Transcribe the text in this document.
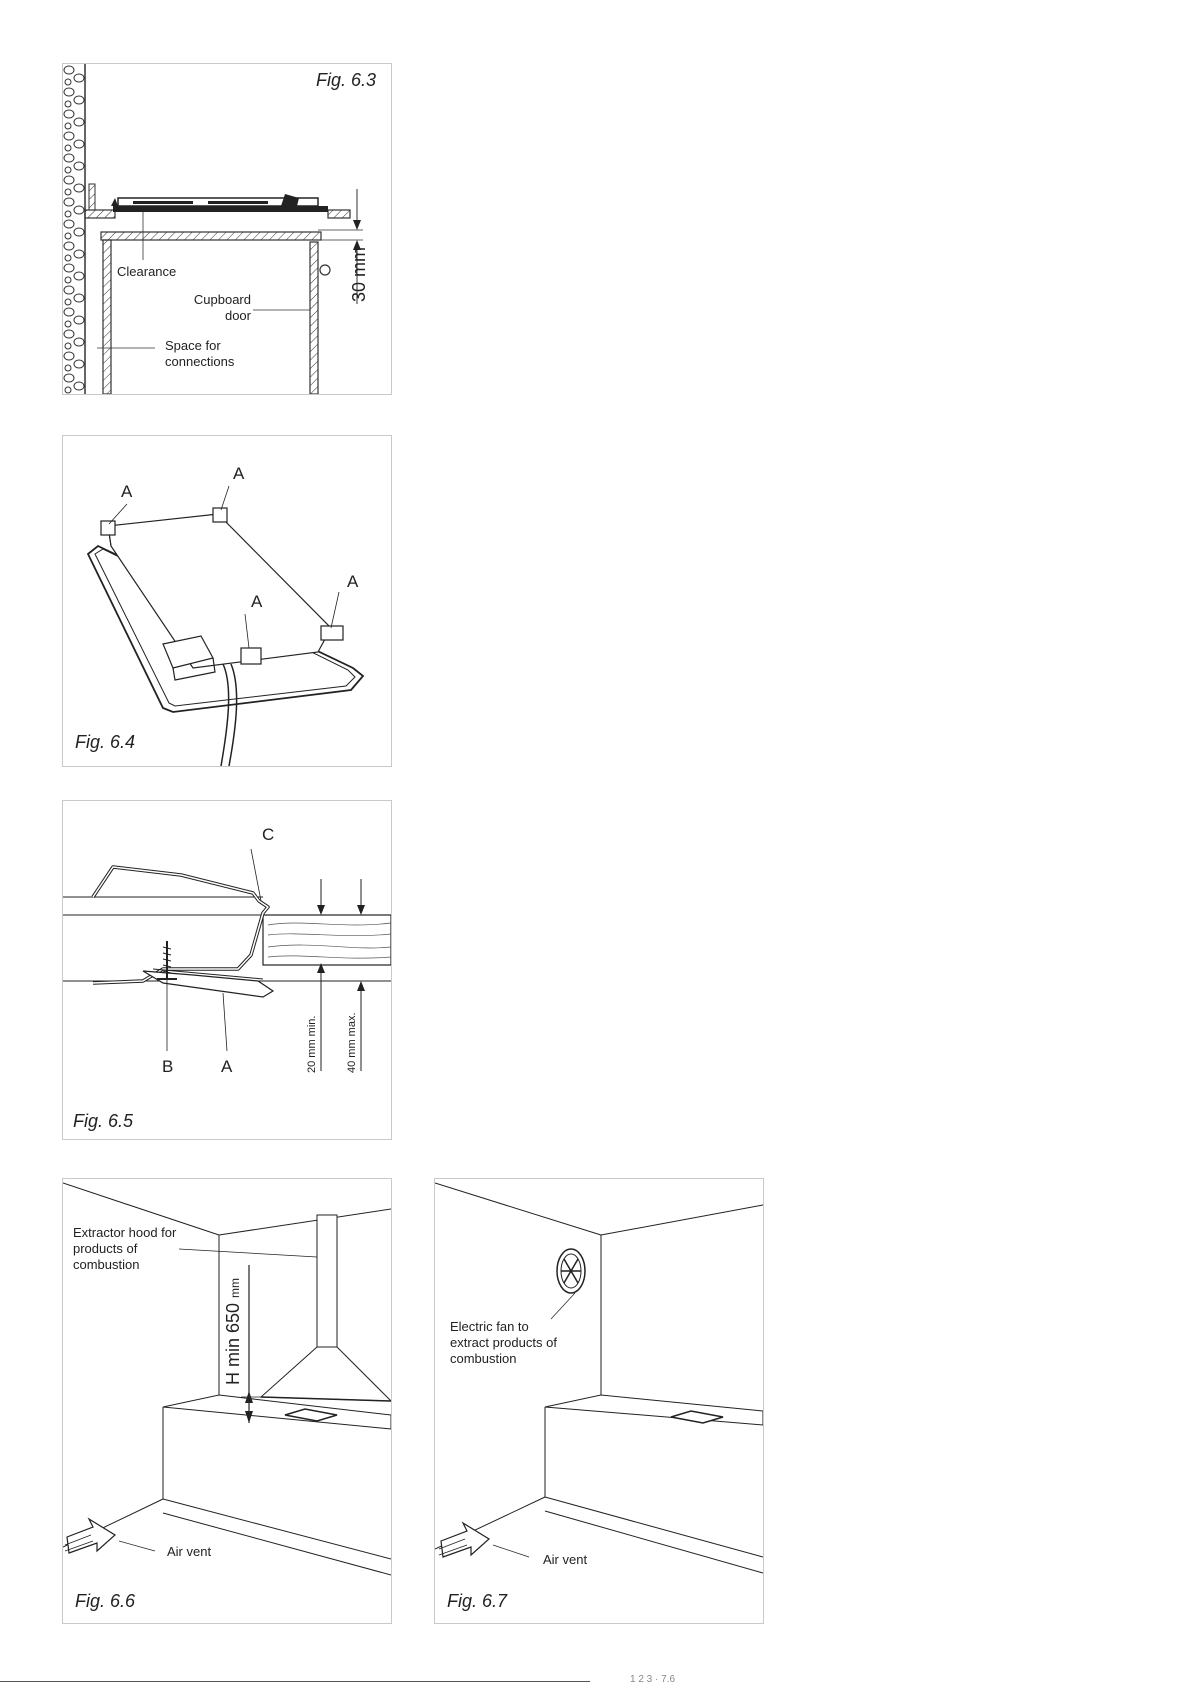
Fig. 6.3
Clearance
Cupboard
door
Space for
connections
30 mm
A
A
A
A
Fig. 6.4
C
B	A	20 mm min.	40 mm max.
Fig. 6.5
Extractor hood for
products of
combustion
H min 650 mm
Air vent
Fig. 6.6
Electric fan to
extract products of
combustion
Air vent
Fig. 6.7
1 2 3 · 7.6
